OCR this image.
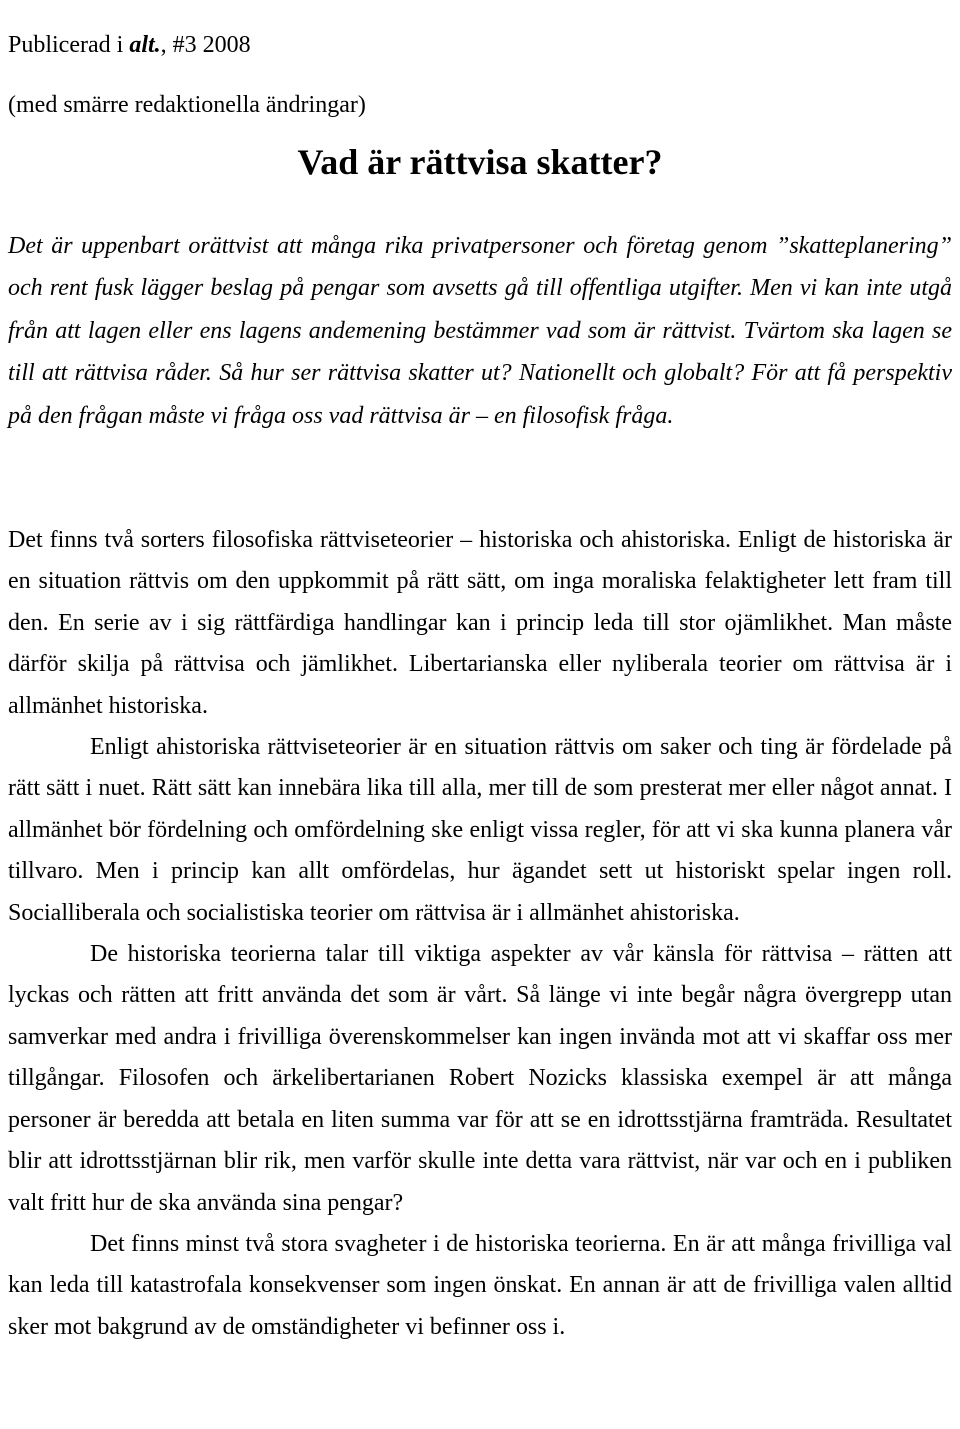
Publicerad i alt., #3 2008

(med smärre redaktionella ändringar)

Vad är rättvisa skatter?

Det är uppenbart orättvist att många rika privatpersoner och företag genom ”skatteplanering” och rent fusk lägger beslag på pengar som avsetts gå till offentliga utgifter. Men vi kan inte utgå från att lagen eller ens lagens andemening bestämmer vad som är rättvist. Tvärtom ska lagen se till att rättvisa råder. Så hur ser rättvisa skatter ut? Nationellt och globalt? För att få perspektiv på den frågan måste vi fråga oss vad rättvisa är – en filosofisk fråga.

Det finns två sorters filosofiska rättviseteorier – historiska och ahistoriska. Enligt de historiska är en situation rättvis om den uppkommit på rätt sätt, om inga moraliska felaktigheter lett fram till den. En serie av i sig rättfärdiga handlingar kan i princip leda till stor ojämlikhet. Man måste därför skilja på rättvisa och jämlikhet. Libertarianska eller nyliberala teorier om rättvisa är i allmänhet historiska.

Enligt ahistoriska rättviseteorier är en situation rättvis om saker och ting är fördelade på rätt sätt i nuet. Rätt sätt kan innebära lika till alla, mer till de som presterat mer eller något annat. I allmänhet bör fördelning och omfördelning ske enligt vissa regler, för att vi ska kunna planera vår tillvaro. Men i princip kan allt omfördelas, hur ägandet sett ut historiskt spelar ingen roll. Socialliberala och socialistiska teorier om rättvisa är i allmänhet ahistoriska.

De historiska teorierna talar till viktiga aspekter av vår känsla för rättvisa – rätten att lyckas och rätten att fritt använda det som är vårt. Så länge vi inte begår några övergrepp utan samverkar med andra i frivilliga överenskommelser kan ingen invända mot att vi skaffar oss mer tillgångar. Filosofen och ärkelibertarianen Robert Nozicks klassiska exempel är att många personer är beredda att betala en liten summa var för att se en idrottsstjärna framträda. Resultatet blir att idrottsstjärnan blir rik, men varför skulle inte detta vara rättvist, när var och en i publiken valt fritt hur de ska använda sina pengar?

Det finns minst två stora svagheter i de historiska teorierna. En är att många frivilliga val kan leda till katastrofala konsekvenser som ingen önskat. En annan är att de frivilliga valen alltid sker mot bakgrund av de omständigheter vi befinner oss i.
